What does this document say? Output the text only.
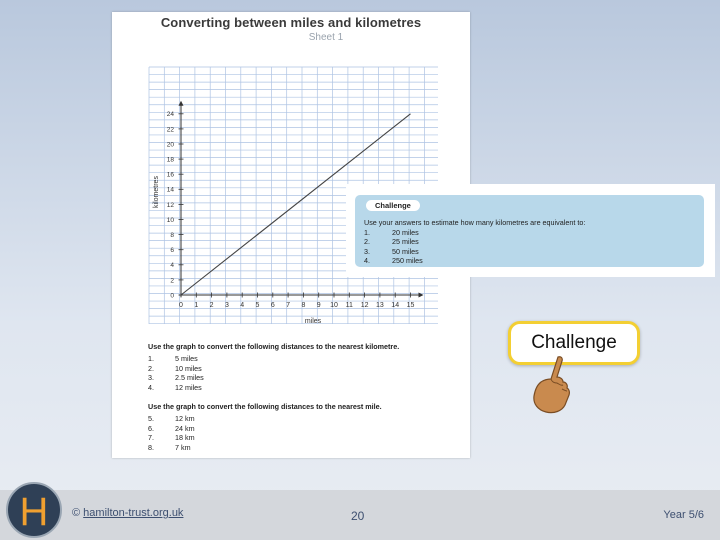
Converting between miles and kilometres
Sheet 1
0 1 2 3 4 5 6 7 8 9 10 11 12 13 14 15
0
2
4
6
8
10
12
14
16
18
20
22
24
miles
kilometres
Use the graph to convert the following distances to the nearest kilometre.
1.	5 miles
2.	10 miles
3.	2.5 miles
4.	12 miles
Use the graph to convert the following distances to the nearest mile.
5.	12 km
6.	24 km
7.	18 km
8.	7 km
Challenge
Use your answers to estimate how many kilometres are equivalent to:
1.	20 miles
2.	25 miles
3.	50 miles
4.	250 miles
Challenge
H © hamilton-trust.org.uk	20	Year 5/6
